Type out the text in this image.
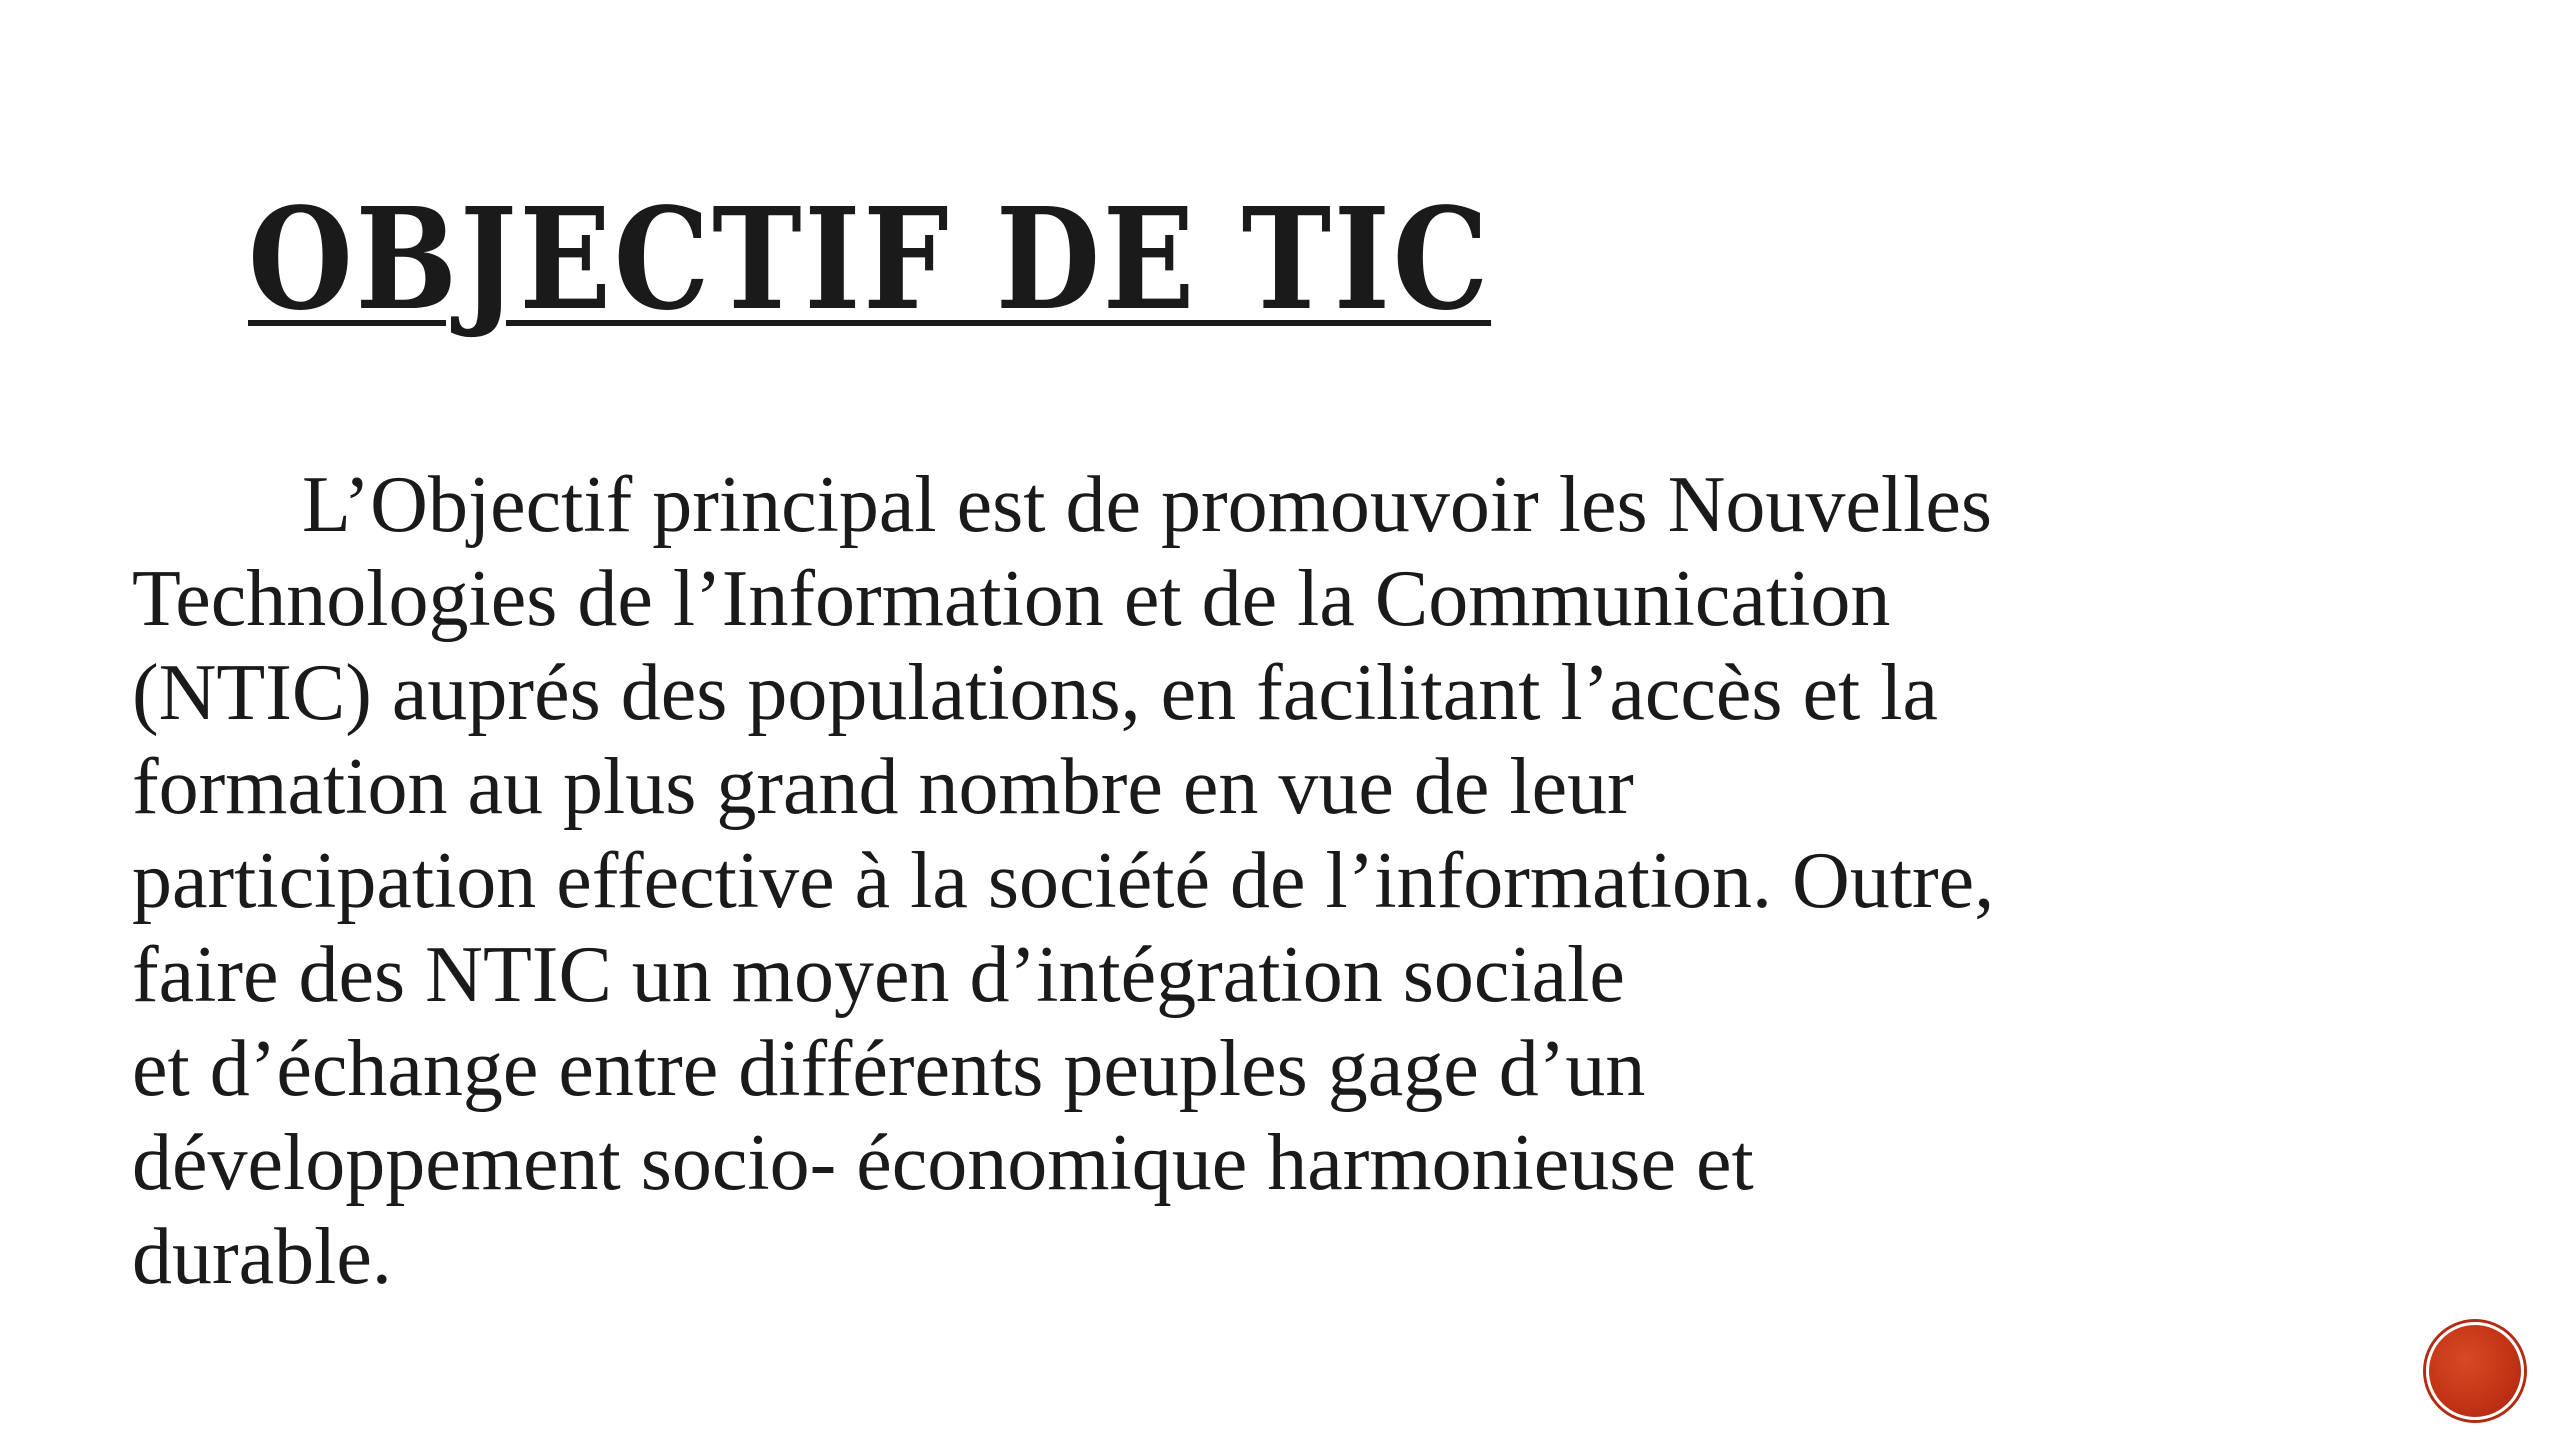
OBJECTIF DE TIC

L’Objectif principal est de promouvoir les Nouvelles
Technologies de l’Information et de la Communication
(NTIC) auprés des populations, en facilitant l’accès et la
formation au plus grand nombre en vue de leur
participation effective à la société de l’information. Outre,
faire des NTIC un moyen d’intégration sociale
et d’échange entre différents peuples gage d’un
développement socio- économique harmonieuse et
durable.
